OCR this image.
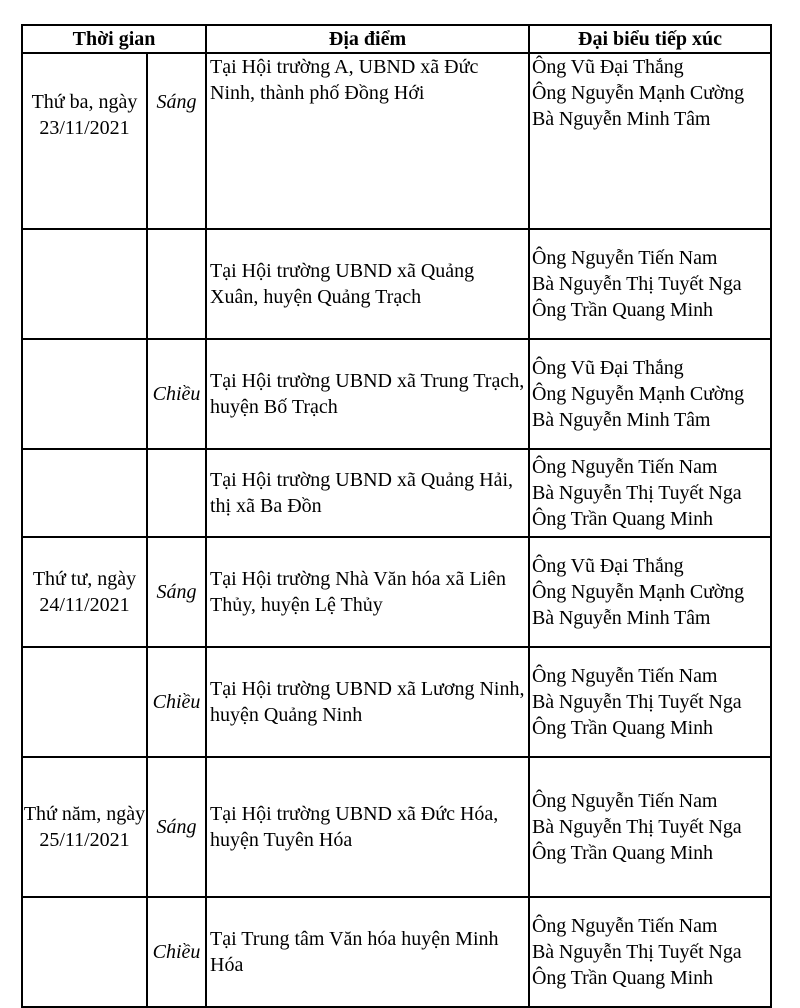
Thời gian		Địa điểm	Đại biểu tiếp xúc
Thứ ba, ngày 23/11/2021	Sáng	Tại Hội trường A, UBND xã Đức Ninh, thành phố Đồng Hới	Ông Vũ Đại Thắng
Ông Nguyễn Mạnh Cường
Bà Nguyễn Minh Tâm

		Tại Hội trường UBND xã Quảng Xuân, huyện Quảng Trạch	Ông Nguyễn Tiến Nam
Bà Nguyễn Thị Tuyết Nga
Ông Trần Quang Minh

	Chiều	Tại Hội trường UBND xã Trung Trạch, huyện Bố Trạch	Ông Vũ Đại Thắng
Ông Nguyễn Mạnh Cường
Bà Nguyễn Minh Tâm

		Tại Hội trường UBND xã Quảng Hải, thị xã Ba Đồn	Ông Nguyễn Tiến Nam
Bà Nguyễn Thị Tuyết Nga
Ông Trần Quang Minh

Thứ tư, ngày 24/11/2021	Sáng	Tại Hội trường Nhà Văn hóa xã Liên Thủy, huyện Lệ Thủy	Ông Vũ Đại Thắng
Ông Nguyễn Mạnh Cường
Bà Nguyễn Minh Tâm

	Chiều	Tại Hội trường UBND xã Lương Ninh, huyện Quảng Ninh	Ông Nguyễn Tiến Nam
Bà Nguyễn Thị Tuyết Nga
Ông Trần Quang Minh

Thứ năm, ngày 25/11/2021	Sáng	Tại Hội trường UBND xã Đức Hóa, huyện Tuyên Hóa	Ông Nguyễn Tiến Nam
Bà Nguyễn Thị Tuyết Nga
Ông Trần Quang Minh

	Chiều	Tại Trung tâm Văn hóa huyện Minh Hóa	Ông Nguyễn Tiến Nam
Bà Nguyễn Thị Tuyết Nga
Ông Trần Quang Minh
